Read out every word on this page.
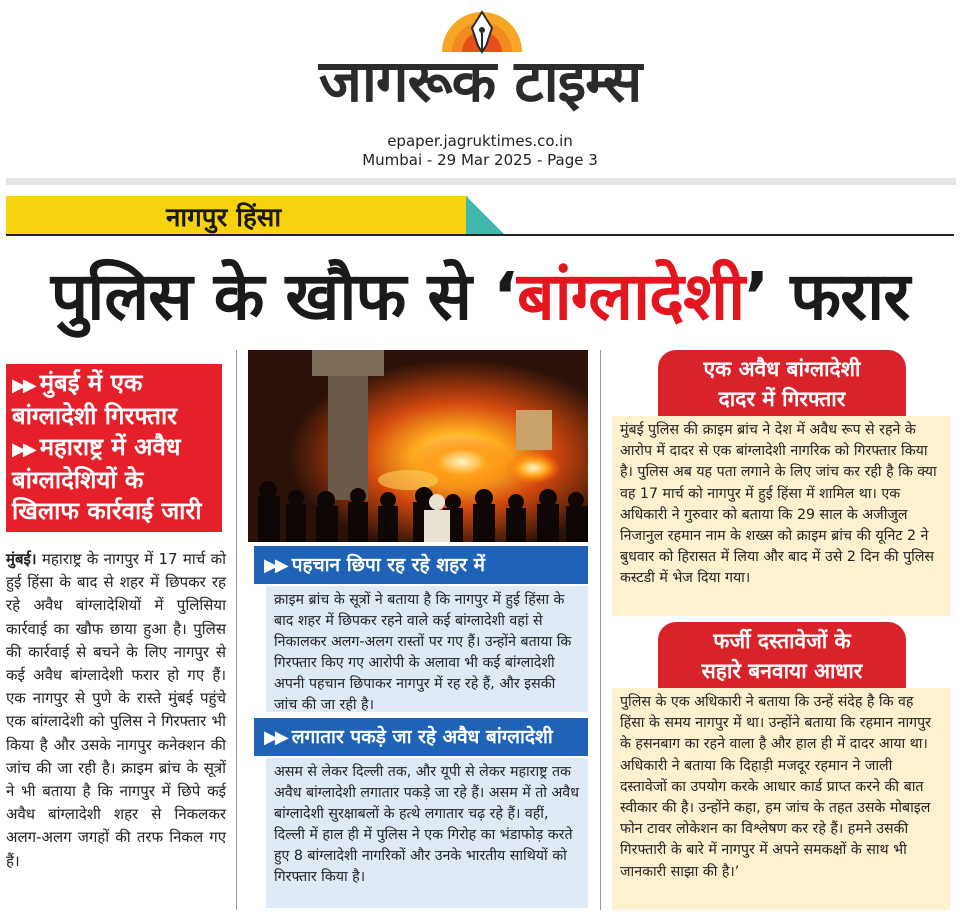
जागरूक टाइम्स
epaper.jagruktimes.co.in
Mumbai - 29 Mar 2025 - Page 3
नागपुर हिंसा
पुलिस के खौफ से ‘बांग्लादेशी’ फरार
▶▶ मुंबई में एक
बांग्लादेशी गिरफ्तार
▶▶ महाराष्ट्र में अवैध
बांग्लादेशियों के
खिलाफ कार्रवाई जारी
मुंबई। महाराष्ट्र के नागपुर में 17 मार्च को हुई हिंसा के बाद से शहर में छिपकर रह रहे अवैध बांग्लादेशियों में पुलिसिया कार्रवाई का खौफ छाया हुआ है। पुलिस की कार्रवाई से बचने के लिए नागपुर से कई अवैध बांग्लादेशी फरार हो गए हैं। एक नागपुर से पुणे के रास्ते मुंबई पहुंचे एक बांग्लादेशी को पुलिस ने गिरफ्तार भी किया है और उसके नागपुर कनेक्शन की जांच की जा रही है। क्राइम ब्रांच के सूत्रों ने भी बताया है कि नागपुर में छिपे कई अवैध बांग्लादेशी शहर से निकलकर अलग-अलग जगहों की तरफ निकल गए हैं।
▶▶ पहचान छिपा रह रहे शहर में
क्राइम ब्रांच के सूत्रों ने बताया है कि नागपुर में हुई हिंसा के बाद शहर में छिपकर रहने वाले कई बांग्लादेशी वहां से निकालकर अलग-अलग रास्तों पर गए हैं। उन्होंने बताया कि गिरफ्तार किए गए आरोपी के अलावा भी कई बांग्लादेशी अपनी पहचान छिपाकर नागपुर में रह रहे हैं, और इसकी जांच की जा रही है।
▶▶ लगातार पकड़े जा रहे अवैध बांग्लादेशी
असम से लेकर दिल्ली तक, और यूपी से लेकर महाराष्ट्र तक अवैध बांग्लादेशी लगातार पकड़े जा रहे हैं। असम में तो अवैध बांग्लादेशी सुरक्षाबलों के हत्थे लगातार चढ़ रहे हैं। वहीं, दिल्ली में हाल ही में पुलिस ने एक गिरोह का भंडाफोड़ करते हुए 8 बांग्लादेशी नागरिकों और उनके भारतीय साथियों को गिरफ्तार किया है।
एक अवैध बांग्लादेशी
दादर में गिरफ्तार
मुंबई पुलिस की क्राइम ब्रांच ने देश में अवैध रूप से रहने के आरोप में दादर से एक बांग्लादेशी नागरिक को गिरफ्तार किया है। पुलिस अब यह पता लगाने के लिए जांच कर रही है कि क्या वह 17 मार्च को नागपुर में हुई हिंसा में शामिल था। एक अधिकारी ने गुरुवार को बताया कि 29 साल के अजीजुल निजानुल रहमान नाम के शख्स को क्राइम ब्रांच की यूनिट 2 ने बुधवार को हिरासत में लिया और बाद में उसे 2 दिन की पुलिस कस्टडी में भेज दिया गया।
फर्जी दस्तावेजों के
सहारे बनवाया आधार
पुलिस के एक अधिकारी ने बताया कि उन्हें संदेह है कि वह हिंसा के समय नागपुर में था। उन्होंने बताया कि रहमान नागपुर के हसनबाग का रहने वाला है और हाल ही में दादर आया था। अधिकारी ने बताया कि दिहाड़ी मजदूर रहमान ने जाली दस्तावेजों का उपयोग करके आधार कार्ड प्राप्त करने की बात स्वीकार की है। उन्होंने कहा, हम जांच के तहत उसके मोबाइल फोन टावर लोकेशन का विश्लेषण कर रहे हैं। हमने उसकी गिरफ्तारी के बारे में नागपुर में अपने समकक्षों के साथ भी जानकारी साझा की है।’
